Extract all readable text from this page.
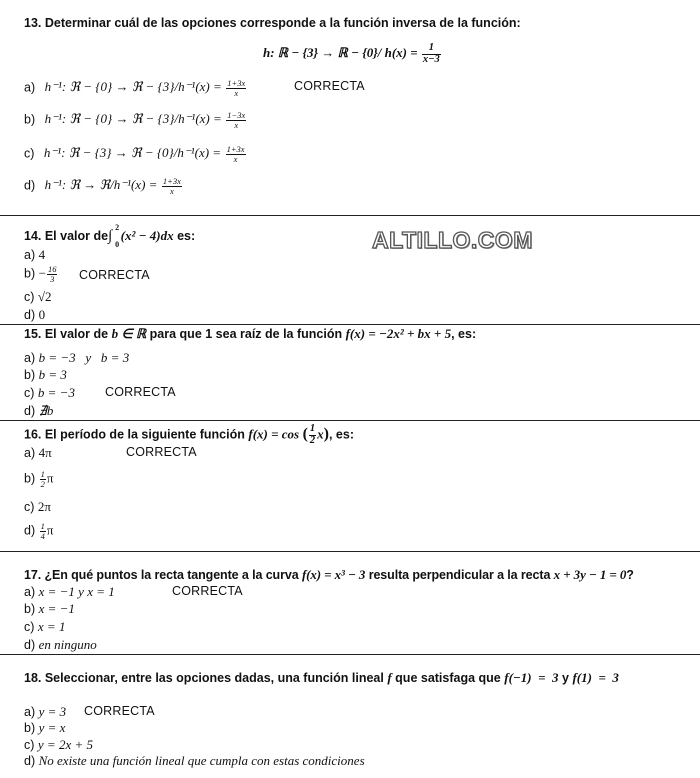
13. Determinar cuál de las opciones corresponde a la función inversa de la función:
h: ℝ − {3} → ℝ − {0}/ $h(x) = \frac{1}{x-3}$
a) h⁻¹: ℜ − {0} → ℜ − $\{3\}/h^{-1}(x) = \frac{1+3x}{x}$	CORRECTA
b) h⁻¹: ℜ − {0} → ℜ − $\{3\}/h^{-1}(x) = \frac{1-3x}{x}$
c) h⁻¹: ℜ − {3} → ℜ − $\{0\}/h^{-1}(x) = \frac{1+3x}{x}$
d) h⁻¹: ℜ → ℜ/h⁻¹(x) = $\frac{1+3x}{x}$
ALTILLO.COM
14. El valor de∫
2
0
(x² − 4)dx es:
a) 4
$b) - \frac{16}{3}$ CORRECTA
c) √2
d) 0
15. El valor de b ∈ ℝ para que 1 sea raíz de la función f(x) = −2x² + bx + 5, es:
a) b = −3   y   b = 3
b) b = 3
c) b = −3 CORRECTA
d) ∄b
16. El período de la siguiente función f(x) = cos ( $\frac{1}{2} x$), es:
a) 4π	CORRECTA
$b) \frac{1}{2}$ π
c) 2π
$d) \frac{1}{4}$ π
17. ¿En qué puntos la recta tangente a la curva f(x) = x³ − 3 resulta perpendicular a la recta x + 3y − 1 = 0?
a) x = −1 y x = 1	CORRECTA
b) x = −1
c) x = 1
d) en ninguno
18. Seleccionar, entre las opciones dadas, una función lineal f que satisfaga que f(−1)  =  3 y f(1)  =  3
a) y = 3 CORRECTA
b) y = x
c) y = 2x + 5
d) No existe una función lineal que cumpla con estas condiciones
